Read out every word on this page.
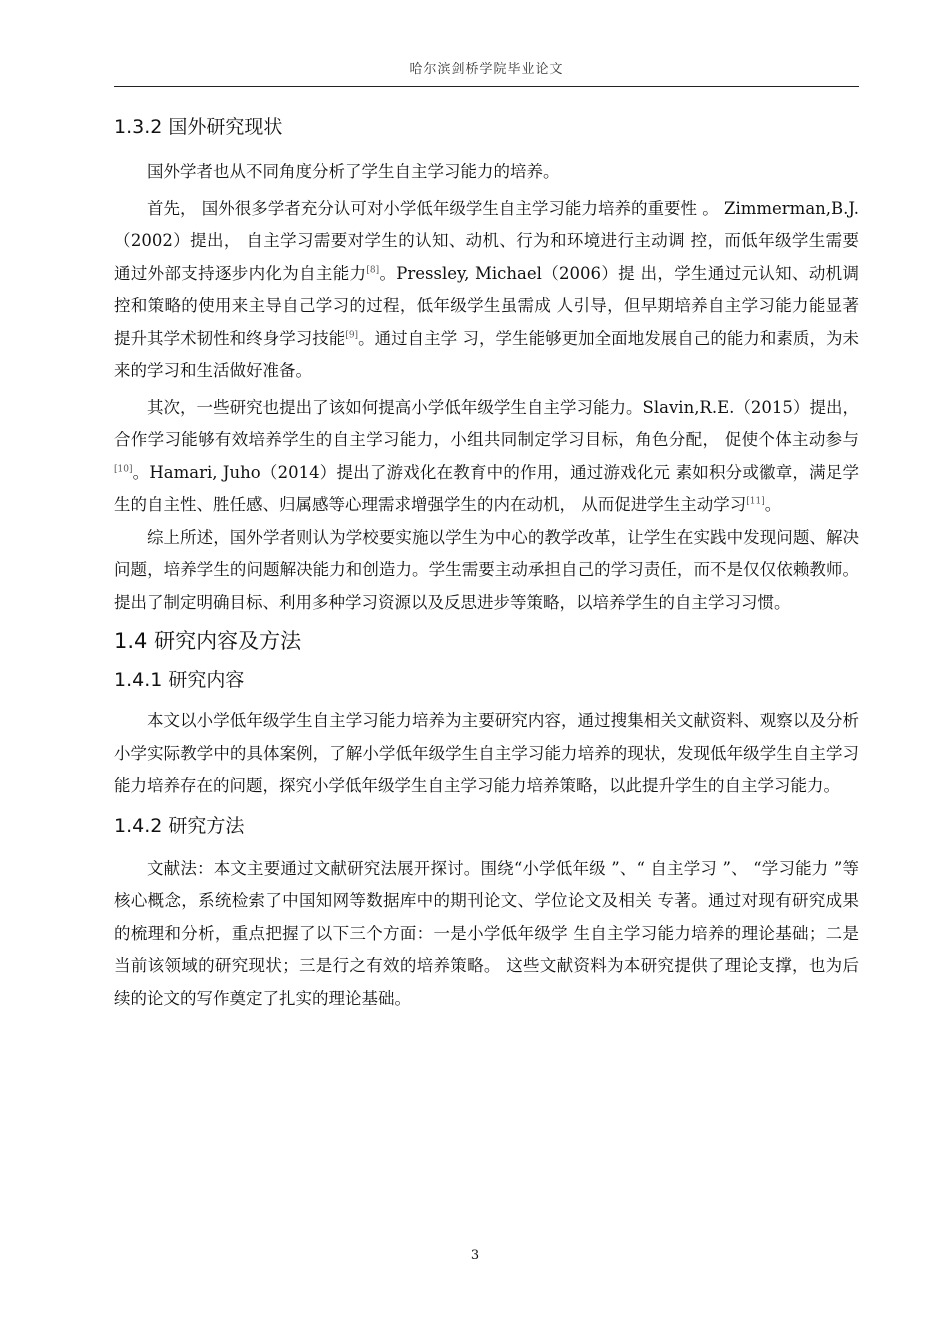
哈尔滨剑桥学院毕业论文
1.3.2 国外研究现状

国外学者也从不同角度分析了学生自主学习能力的培养。

首先， 国外很多学者充分认可对小学低年级学生自主学习能力培养的重要性 。 Zimmerman,B.J.（2002）提出， 自主学习需要对学生的认知、动机、行为和环境进行主动调 控，而低年级学生需要通过外部支持逐步内化为自主能力[8]。Pressley, Michael（2006）提 出，学生通过元认知、动机调控和策略的使用来主导自己学习的过程，低年级学生虽需成 人引导，但早期培养自主学习能力能显著提升其学术韧性和终身学习技能[9]。通过自主学 习，学生能够更加全面地发展自己的能力和素质，为未来的学习和生活做好准备。

其次，一些研究也提出了该如何提高小学低年级学生自主学习能力。Slavin,R.E.（2015）提出，合作学习能够有效培养学生的自主学习能力，小组共同制定学习目标，角色分配， 促使个体主动参与[10]。Hamari, Juho（2014）提出了游戏化在教育中的作用，通过游戏化元 素如积分或徽章，满足学生的自主性、胜任感、归属感等心理需求增强学生的内在动机， 从而促进学生主动学习[11]。

综上所述，国外学者则认为学校要实施以学生为中心的教学改革，让学生在实践中发现问题、解决问题，培养学生的问题解决能力和创造力。学生需要主动承担自己的学习责任，而不是仅仅依赖教师。提出了制定明确目标、利用多种学习资源以及反思进步等策略，以培养学生的自主学习习惯。

1.4 研究内容及方法
1.4.1 研究内容

本文以小学低年级学生自主学习能力培养为主要研究内容，通过搜集相关文献资料、观察以及分析小学实际教学中的具体案例，了解小学低年级学生自主学习能力培养的现状，发现低年级学生自主学习能力培养存在的问题，探究小学低年级学生自主学习能力培养策略，以此提升学生的自主学习能力。

1.4.2 研究方法

文献法：本文主要通过文献研究法展开探讨。围绕“小学低年级 ”、“ 自主学习 ”、 “学习能力 ”等核心概念，系统检索了中国知网等数据库中的期刊论文、学位论文及相关 专著。通过对现有研究成果的梳理和分析，重点把握了以下三个方面：一是小学低年级学 生自主学习能力培养的理论基础；二是当前该领域的研究现状；三是行之有效的培养策略。 这些文献资料为本研究提供了理论支撑，也为后续的论文的写作奠定了扎实的理论基础。

3
